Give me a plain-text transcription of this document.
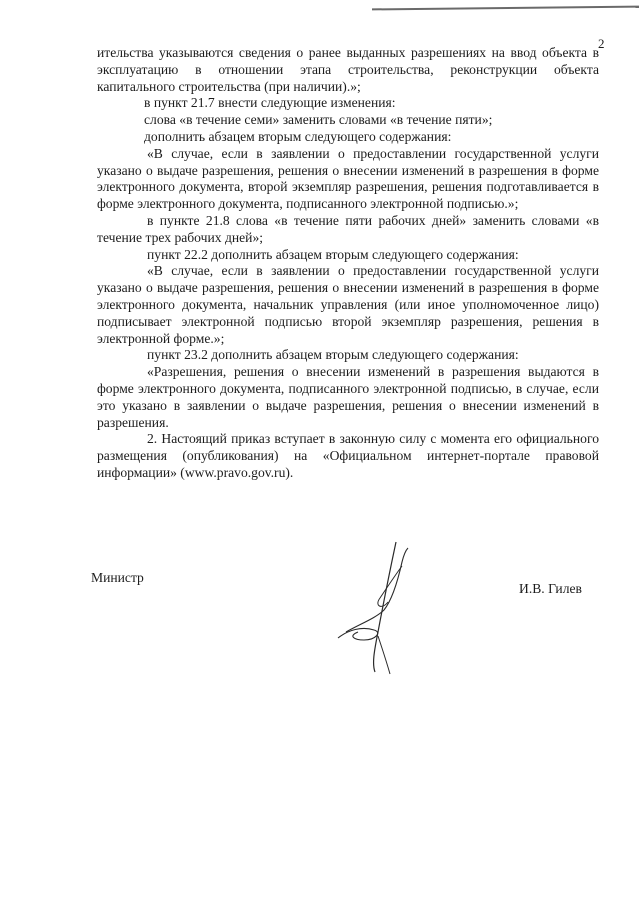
2

ительства указываются сведения о ранее выданных разрешениях на ввод объекта в эксплуатацию в отношении этапа строительства, реконструкции объекта капитального строительства (при наличии).»;

в пункт 21.7 внести следующие изменения:

слова «в течение семи» заменить словами «в течение пяти»;

дополнить абзацем вторым следующего содержания:

«В случае, если в заявлении о предоставлении государственной услуги указано о выдаче разрешения, решения о внесении изменений в разрешения в форме электронного документа, второй экземпляр разрешения, решения подготавливается в форме электронного документа, подписанного электронной подписью.»;

в пункте 21.8 слова «в течение пяти рабочих дней» заменить словами «в течение трех рабочих дней»;

пункт 22.2 дополнить абзацем вторым следующего содержания:

«В случае, если в заявлении о предоставлении государственной услуги указано о выдаче разрешения, решения о внесении изменений в разрешения в форме электронного документа, начальник управления (или иное уполномоченное лицо) подписывает электронной подписью второй экземпляр разрешения, решения в электронной форме.»;

пункт 23.2 дополнить абзацем вторым следующего содержания:

«Разрешения, решения о внесении изменений в разрешения выдаются в форме электронного документа, подписанного электронной подписью, в случае, если это указано в заявлении о выдаче разрешения, решения о внесении изменений в разрешения.

2. Настоящий приказ вступает в законную силу с момента его официального размещения (опубликования) на «Официальном интернет-портале правовой информации» (www.pravo.gov.ru).

Министр
И.В. Гилев
